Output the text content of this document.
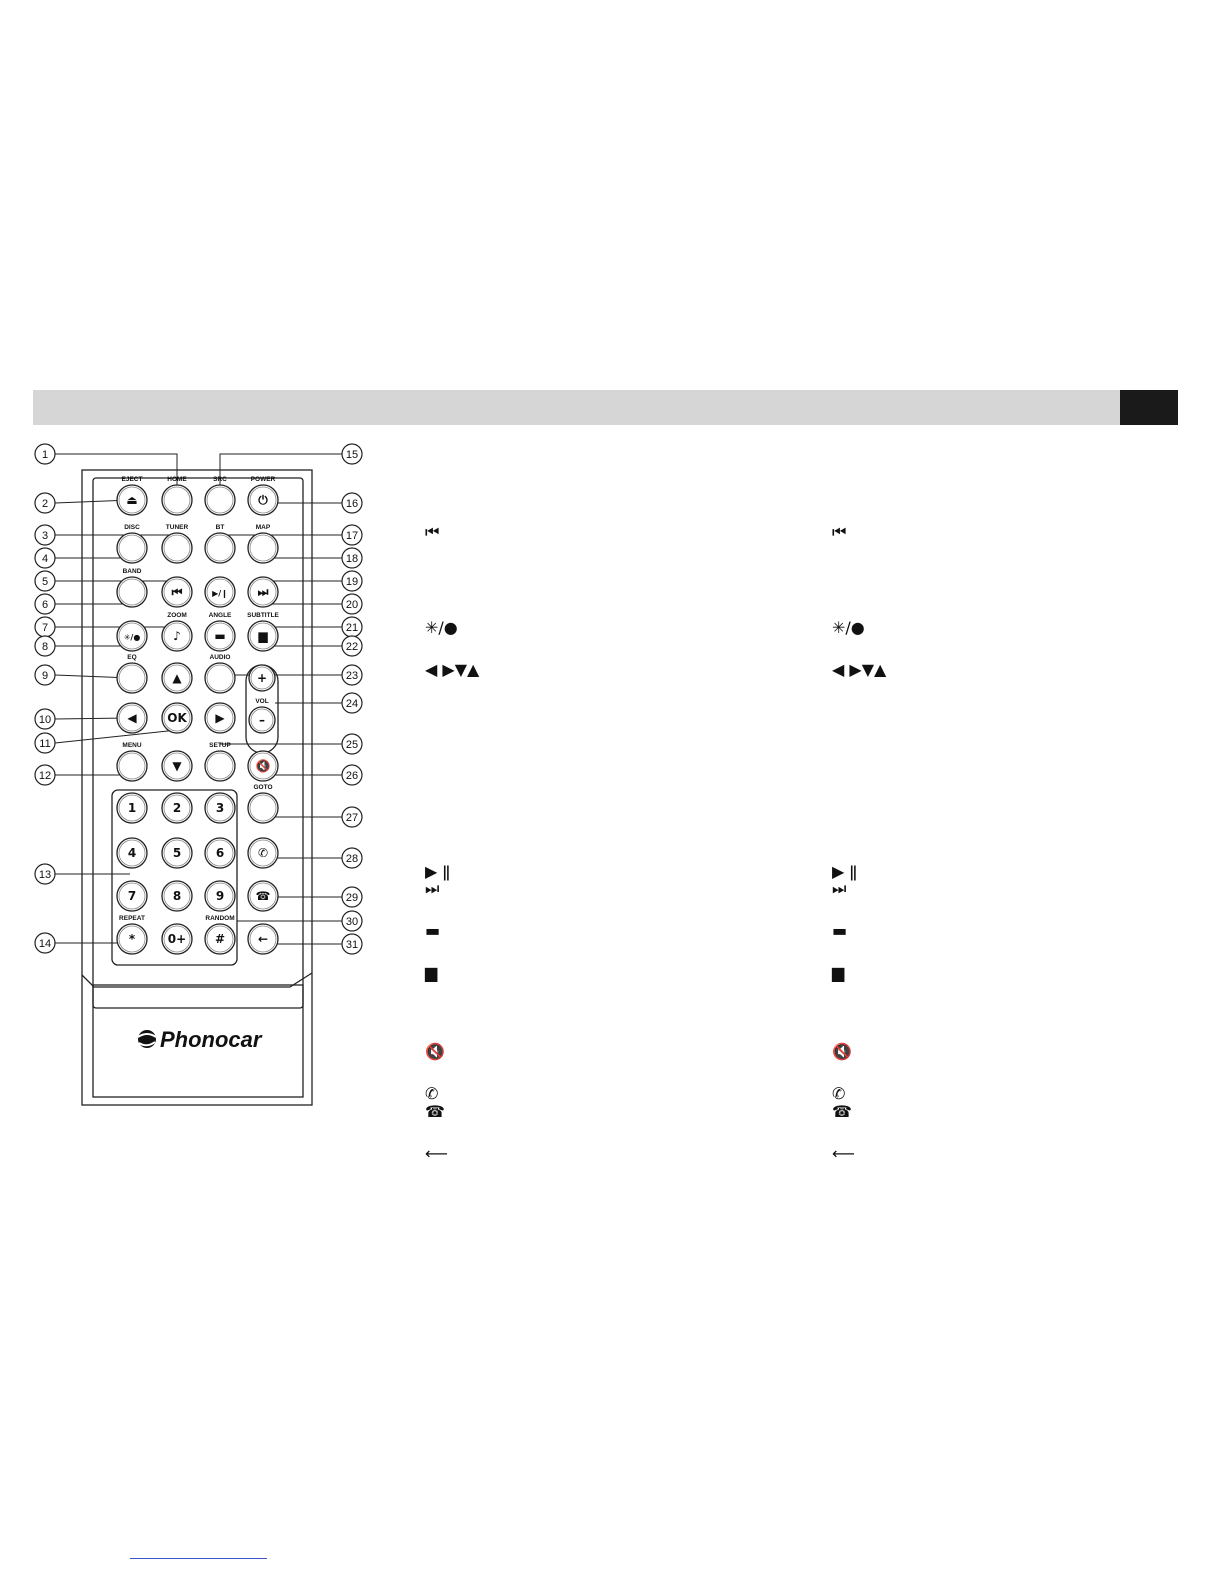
⏏
EJECT	HOME	SRC
⏻
POWER
DISC	TUNER	BT	MAP
BAND
⏮	▶/❙ ⏭
✳/●	♪
ZOOM
▬
ANGLE
▆
SUBTITLE
EQ
▲
AUDIO
+
◀	OK ▶	–
MENU
▼
SETUP
🔇
GOTO
1	2	3
4	5	6	✆
7	8	9	☎
*
REPEAT
0+ #
RANDOM
←
VOL
1
2
3
4
5
6
7
8
9
10
11
12
13
14
15
16
17
18
19
20
21
22
23
24
25
26
27
28
29
30
31
Phonocar
⏮
✳/●
◀ ▶▼▲
▶ ǁ
⏭
▬
▆
🔇
✆
☎
⟵
⏮
✳/●
◀ ▶▼▲
▶ ǁ
⏭
▬
▆
🔇
✆
☎
⟵
